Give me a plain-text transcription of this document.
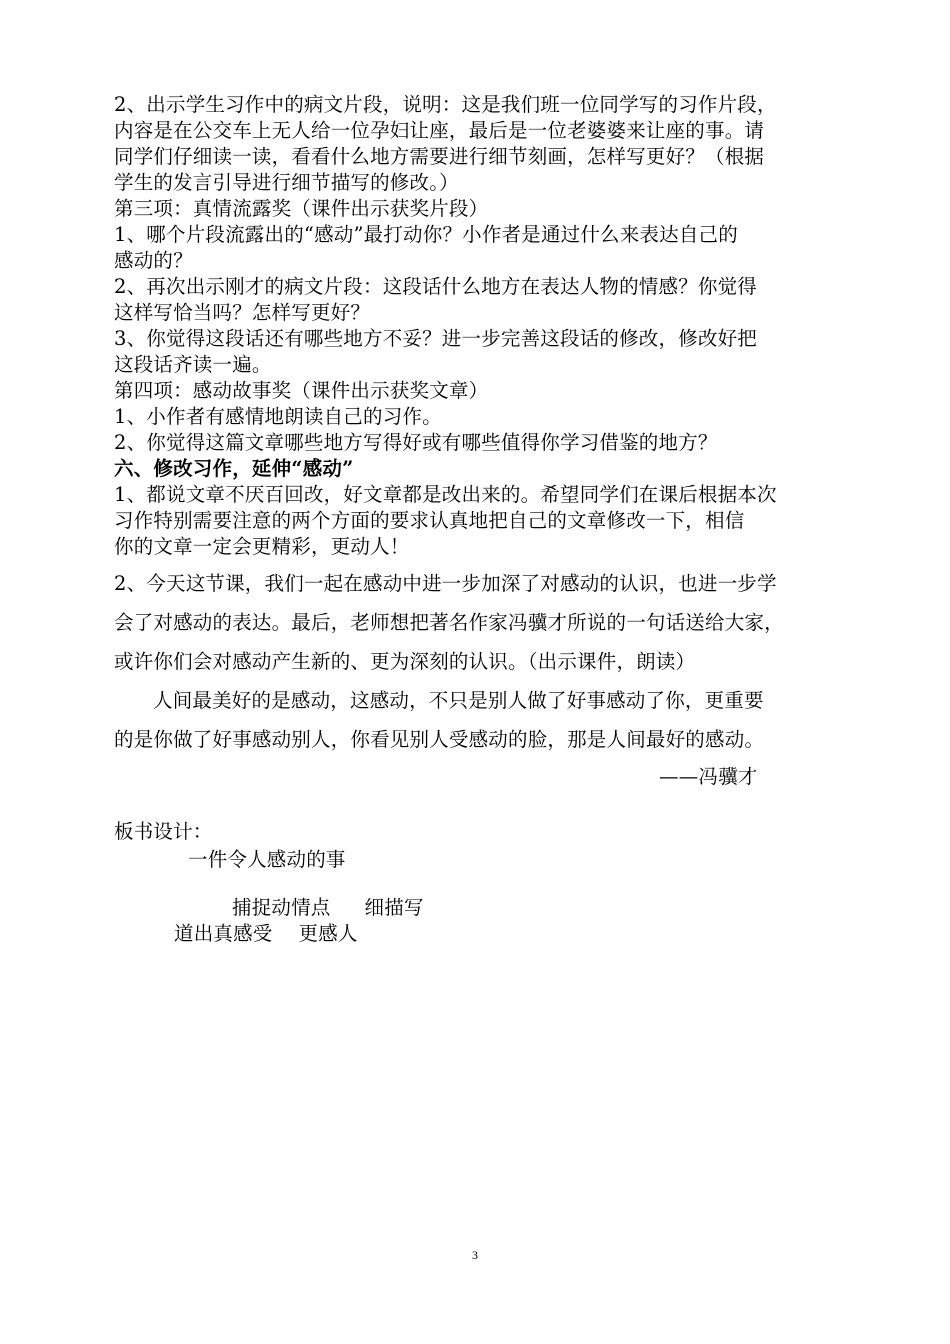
2、出示学生习作中的病文片段，说明：这是我们班一位同学写的习作片段，
内容是在公交车上无人给一位孕妇让座，最后是一位老婆婆来让座的事。请
同学们仔细读一读，看看什么地方需要进行细节刻画，怎样写更好？（根据
学生的发言引导进行细节描写的修改。）
第三项：真情流露奖（课件出示获奖片段）
1、哪个片段流露出的“感动”最打动你？小作者是通过什么来表达自己的
感动的？
2、再次出示刚才的病文片段：这段话什么地方在表达人物的情感？你觉得
这样写恰当吗？怎样写更好？
3、你觉得这段话还有哪些地方不妥？进一步完善这段话的修改，修改好把
这段话齐读一遍。
第四项：感动故事奖（课件出示获奖文章）
1、小作者有感情地朗读自己的习作。
2、你觉得这篇文章哪些地方写得好或有哪些值得你学习借鉴的地方？
六、修改习作，延伸“感动”
1、都说文章不厌百回改，好文章都是改出来的。希望同学们在课后根据本次
习作特别需要注意的两个方面的要求认真地把自己的文章修改一下，相信
你的文章一定会更精彩，更动人！
2、今天这节课，我们一起在感动中进一步加深了对感动的认识，也进一步学
会了对感动的表达。最后，老师想把著名作家冯骥才所说的一句话送给大家，
或许你们会对感动产生新的、更为深刻的认识。（出示课件，朗读）
人间最美好的是感动，这感动，不只是别人做了好事感动了你，更重要
的是你做了好事感动别人，你看见别人受感动的脸，那是人间最好的感动。
——冯骥才
板书设计：
一件令人感动的事
捕捉动情点 细描写
道出真感受 更感人
3
